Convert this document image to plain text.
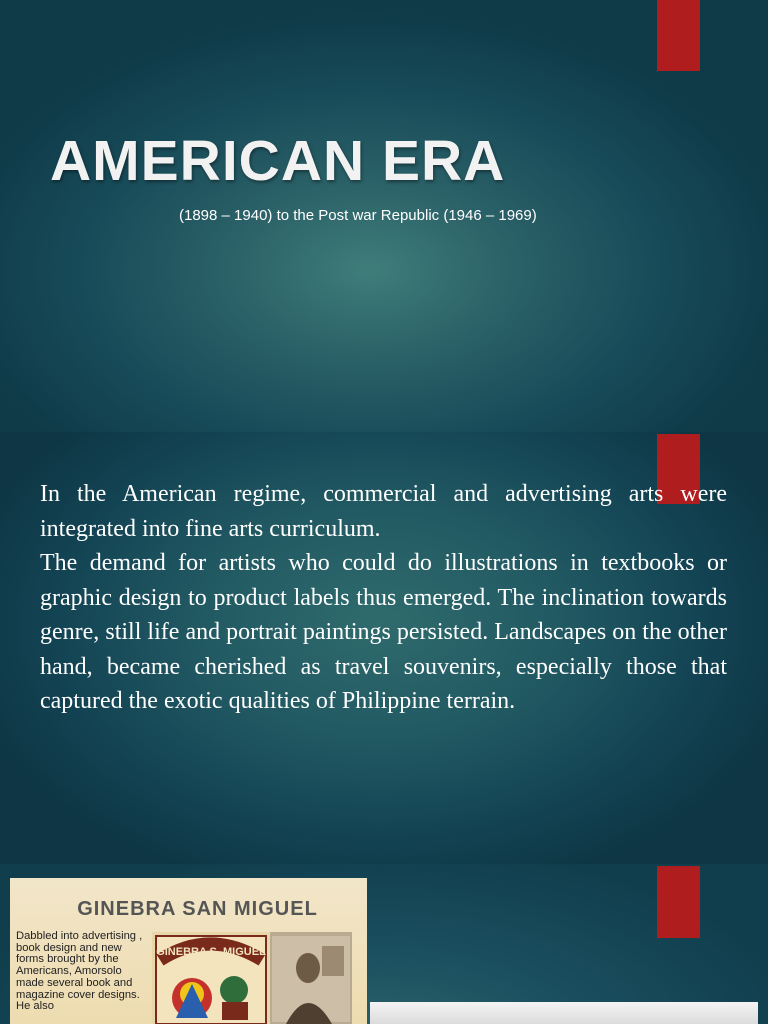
AMERICAN ERA

(1898 – 1940) to the Post war Republic (1946 – 1969)

In the American regime, commercial and advertising arts were integrated into fine arts curriculum.

The demand for artists who could do illustrations in textbooks or graphic design to product labels thus emerged. The inclination towards genre, still life and portrait paintings persisted. Landscapes on the other hand, became cherished as travel souvenirs, especially those that captured the exotic qualities of Philippine terrain.

GINEBRA SAN MIGUEL

Dabbled into advertising , book design and new forms brought by the Americans, Amorsolo made several book and magazine cover designs. He also

GINEBRA S. MIGUEL
